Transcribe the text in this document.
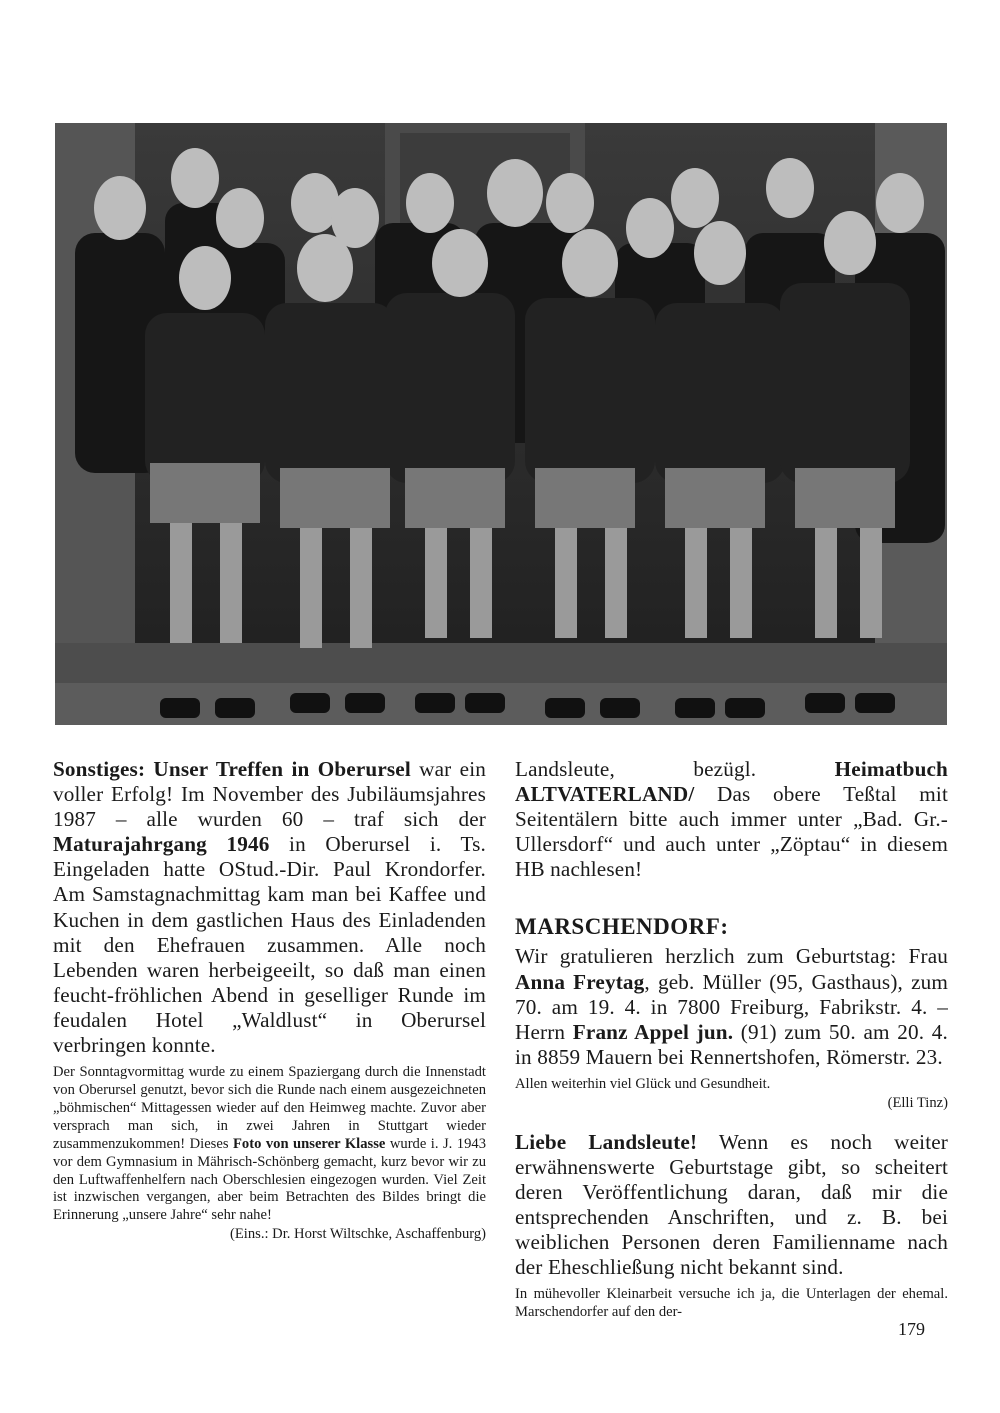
Sonstiges: Unser Treffen in Oberursel war ein voller Erfolg! Im November des Jubiläumsjahres 1987 – alle wurden 60 – traf sich der Maturajahrgang 1946 in Oberursel i. Ts. Eingeladen hatte OStud.-Dir. Paul Krondorfer. Am Samstagnachmittag kam man bei Kaffee und Kuchen in dem gastlichen Haus des Einladenden mit den Ehefrauen zusammen. Alle noch Lebenden waren herbeigeeilt, so daß man einen feucht-fröhlichen Abend in geselliger Runde im feudalen Hotel „Waldlust“ in Oberursel verbringen konnte.

Der Sonntagvormittag wurde zu einem Spaziergang durch die Innenstadt von Oberursel genutzt, bevor sich die Runde nach einem ausgezeichneten „böhmischen“ Mittagessen wieder auf den Heimweg machte. Zuvor aber versprach man sich, in zwei Jahren in Stuttgart wieder zusammenzukommen! Dieses Foto von unserer Klasse wurde i. J. 1943 vor dem Gymnasium in Mährisch-Schönberg gemacht, kurz bevor wir zu den Luftwaffenhelfern nach Oberschlesien eingezogen wurden. Viel Zeit ist inzwischen vergangen, aber beim Betrachten des Bildes bringt die Erinnerung „unsere Jahre“ sehr nahe!

(Eins.: Dr. Horst Wiltschke, Aschaffenburg)

Landsleute, bezügl. Heimatbuch ALTVATERLAND/ Das obere Teßtal mit Seitentälern bitte auch immer unter „Bad. Gr.-Ullersdorf“ und auch unter „Zöptau“ in diesem HB nachlesen!

MARSCHENDORF:

Wir gratulieren herzlich zum Geburtstag: Frau Anna Freytag, geb. Müller (95, Gasthaus), zum 70. am 19. 4. in 7800 Freiburg, Fabrikstr. 4. – Herrn Franz Appel jun. (91) zum 50. am 20. 4. in 8859 Mauern bei Rennertshofen, Römerstr. 23.

Allen weiterhin viel Glück und Gesundheit.

(Elli Tinz)

Liebe Landsleute! Wenn es noch weiter erwähnenswerte Geburtstage gibt, so scheitert deren Veröffentlichung daran, daß mir die entsprechenden Anschriften, und z. B. bei weiblichen Personen deren Familienname nach der Eheschließung nicht bekannt sind.

In mühevoller Kleinarbeit versuche ich ja, die Unterlagen der ehemal. Marschendorfer auf den der-

179
